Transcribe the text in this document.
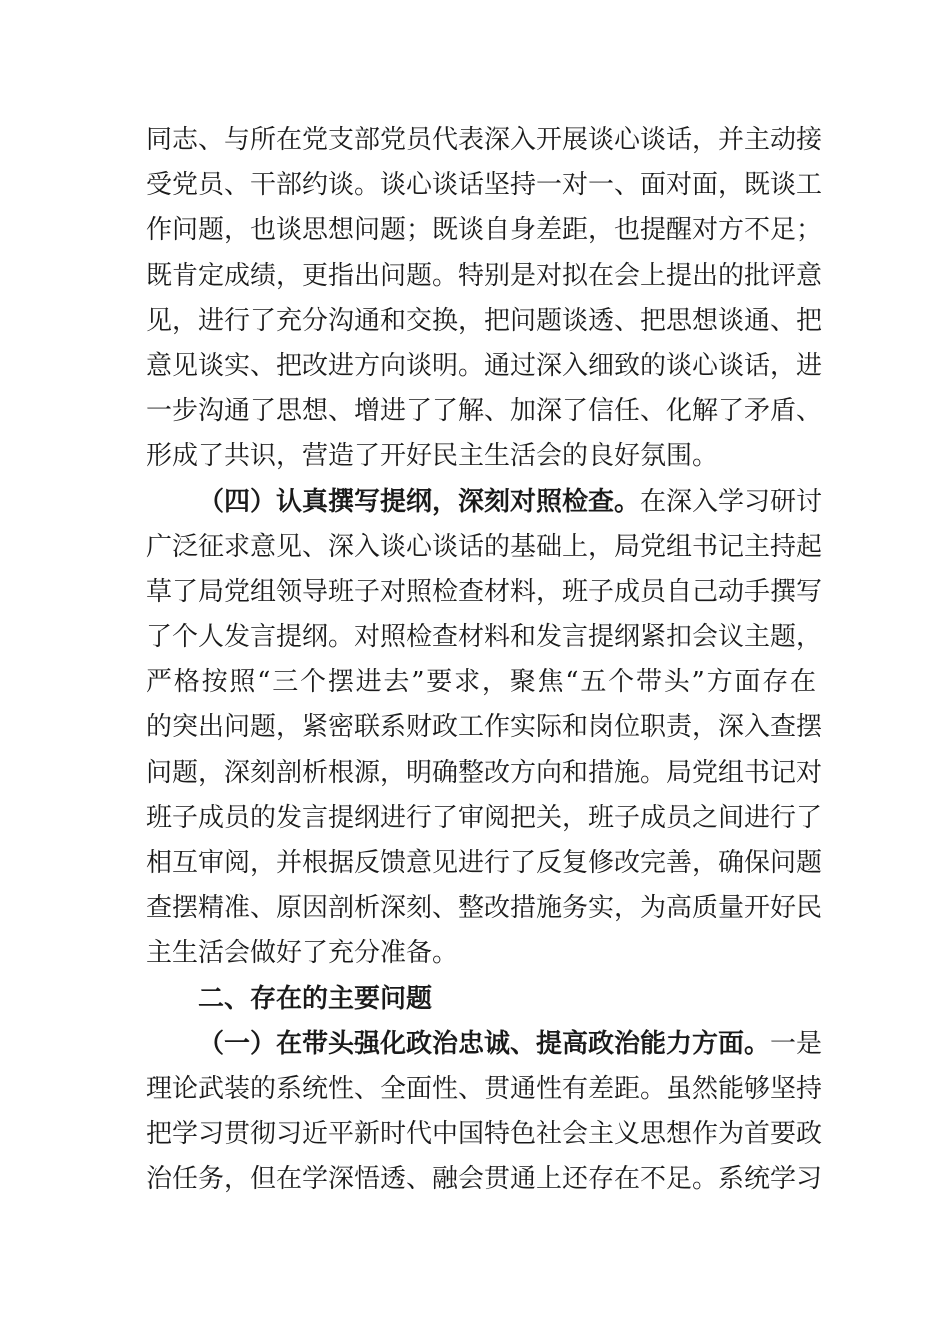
同志、与所在党支部党员代表深入开展谈心谈话，并主动接
受党员、干部约谈。谈心谈话坚持一对一、面对面，既谈工
作问题，也谈思想问题；既谈自身差距，也提醒对方不足；
既肯定成绩，更指出问题。特别是对拟在会上提出的批评意
见，进行了充分沟通和交换，把问题谈透、把思想谈通、把
意见谈实、把改进方向谈明。通过深入细致的谈心谈话，进
一步沟通了思想、增进了了解、加深了信任、化解了矛盾、
形成了共识，营造了开好民主生活会的良好氛围。
（四）认真撰写提纲，深刻对照检查。在深入学习研讨
广泛征求意见、深入谈心谈话的基础上，局党组书记主持起
草了局党组领导班子对照检查材料，班子成员自己动手撰写
了个人发言提纲。对照检查材料和发言提纲紧扣会议主题，
严格按照“三个摆进去”要求，聚焦“五个带头”方面存在
的突出问题，紧密联系财政工作实际和岗位职责，深入查摆
问题，深刻剖析根源，明确整改方向和措施。局党组书记对
班子成员的发言提纲进行了审阅把关，班子成员之间进行了
相互审阅，并根据反馈意见进行了反复修改完善，确保问题
查摆精准、原因剖析深刻、整改措施务实，为高质量开好民
主生活会做好了充分准备。
二、存在的主要问题
（一）在带头强化政治忠诚、提高政治能力方面。一是
理论武装的系统性、全面性、贯通性有差距。虽然能够坚持
把学习贯彻习近平新时代中国特色社会主义思想作为首要政
治任务，但在学深悟透、融会贯通上还存在不足。系统学习
